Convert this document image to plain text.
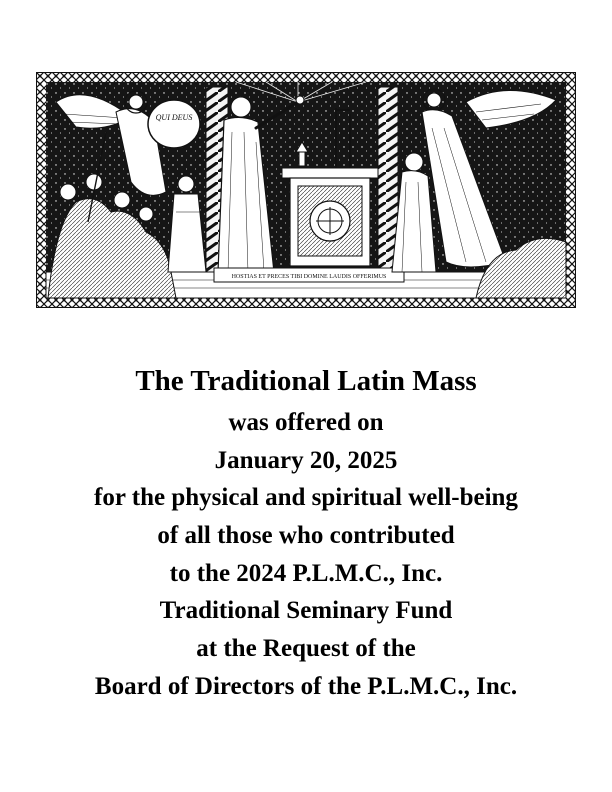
QUI DEUS
HOSTIAS ET PRECES TIBI DOMINE LAUDIS OFFERIMUS

The Traditional Latin Mass

was offered on

January 20, 2025

for the physical and spiritual well-being

of all those who contributed

to the 2024 P.L.M.C., Inc.

Traditional Seminary Fund

at the Request of the

Board of Directors of the P.L.M.C., Inc.
